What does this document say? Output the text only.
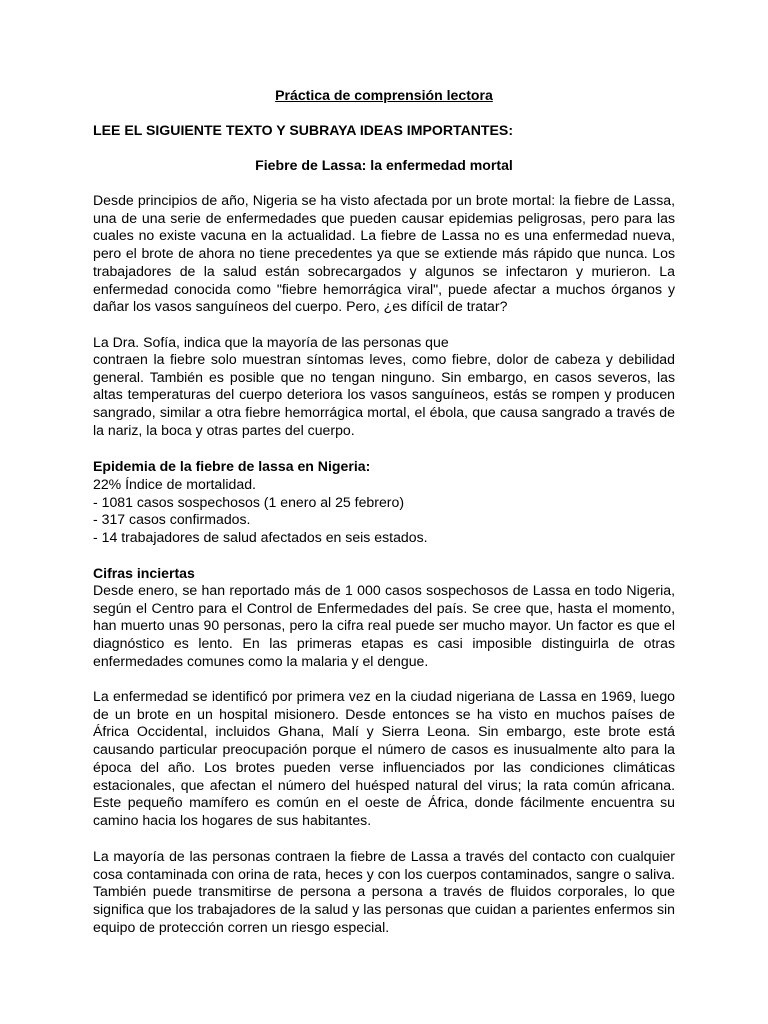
Práctica de comprensión lectora

LEE EL SIGUIENTE TEXTO Y SUBRAYA IDEAS IMPORTANTES:

Fiebre de Lassa: la enfermedad mortal

Desde principios de año, Nigeria se ha visto afectada por un brote mortal: la fiebre de Lassa, una de una serie de enfermedades que pueden causar epidemias peligrosas, pero para las cuales no existe vacuna en la actualidad. La fiebre de Lassa no es una enfermedad nueva, pero el brote de ahora no tiene precedentes ya que se extiende más rápido que nunca. Los trabajadores de la salud están sobrecargados y algunos se infectaron y murieron. La enfermedad conocida como "fiebre hemorrágica viral", puede afectar a muchos órganos y dañar los vasos sanguíneos del cuerpo. Pero, ¿es difícil de tratar?

La Dra. Sofía, indica que la mayoría de las personas que

contraen la fiebre solo muestran síntomas leves, como fiebre, dolor de cabeza y debilidad general. También es posible que no tengan ninguno. Sin embargo, en casos severos, las altas temperaturas del cuerpo deteriora los vasos sanguíneos, estás se rompen y producen sangrado, similar a otra fiebre hemorrágica mortal, el ébola, que causa sangrado a través de la nariz, la boca y otras partes del cuerpo.

Epidemia de la fiebre de lassa en Nigeria:
22% Índice de mortalidad.
- 1081 casos sospechosos (1 enero al 25 febrero)
- 317 casos confirmados.
- 14 trabajadores de salud afectados en seis estados.
Cifras inciertas

Desde enero, se han reportado más de 1 000 casos sospechosos de Lassa en todo Nigeria, según el Centro para el Control de Enfermedades del país. Se cree que, hasta el momento, han muerto unas 90 personas, pero la cifra real puede ser mucho mayor. Un factor es que el diagnóstico es lento. En las primeras etapas es casi imposible distinguirla de otras enfermedades comunes como la malaria y el dengue.

La enfermedad se identificó por primera vez en la ciudad nigeriana de Lassa en 1969, luego de un brote en un hospital misionero. Desde entonces se ha visto en muchos países de África Occidental, incluidos Ghana, Malí y Sierra Leona. Sin embargo, este brote está causando particular preocupación porque el número de casos es inusualmente alto para la época del año. Los brotes pueden verse influenciados por las condiciones climáticas estacionales, que afectan el número del huésped natural del virus; la rata común africana. Este pequeño mamífero es común en el oeste de África, donde fácilmente encuentra su camino hacia los hogares de sus habitantes.

La mayoría de las personas contraen la fiebre de Lassa a través del contacto con cualquier cosa contaminada con orina de rata, heces y con los cuerpos contaminados, sangre o saliva. También puede transmitirse de persona a persona a través de fluidos corporales, lo que significa que los trabajadores de la salud y las personas que cuidan a parientes enfermos sin equipo de protección corren un riesgo especial.
